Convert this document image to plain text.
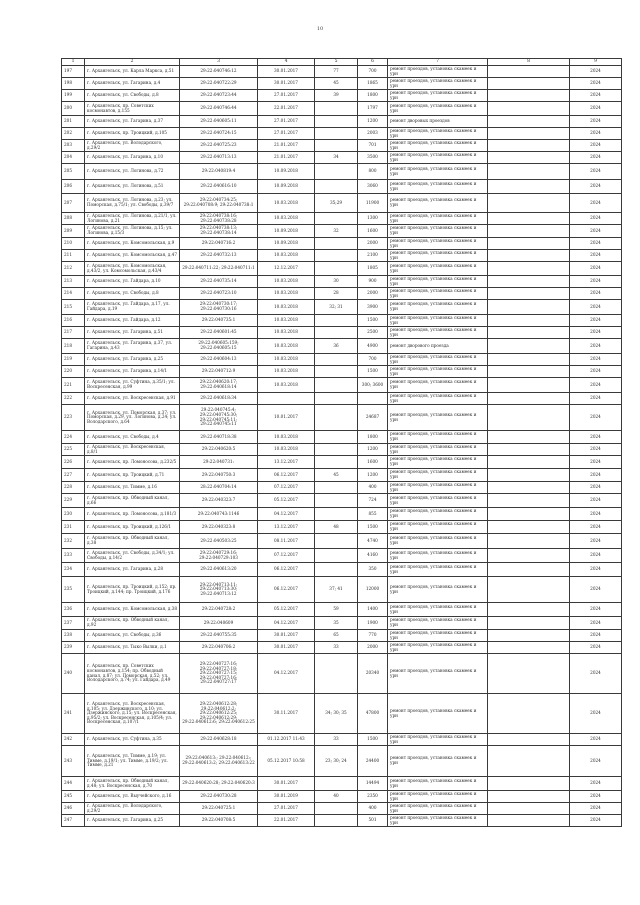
10
1	2	3	4	5	6	7	8	9
197	г. Архангельск, ул. Карла Маркса, д.51	29:22:040746:12	30.01.2017	77	700	ремонт проездов, установка скамеек и урн		2024
198	г. Архангельск, ул. Гагарина, д.4	29:22:040722:29	30.01.2017	45	1865	ремонт проездов, установка скамеек и урн		2024
199	г. Архангельск, ул. Свободы, д.8	29:22:040723:44	27.01.2017	39	1800	ремонт проездов, установка скамеек и урн		2024
200	г. Архангельск, пр. Советских космонавтов, д.155	29:22:040746:44	22.01.2017		1797	ремонт проездов, установка скамеек и урн		2024
201	г. Архангельск, ул. Гагарина, д.37	29:22:040605:11	27.01.2017		1200	ремонт дворовых проездов		2024
202	г. Архангельск, пр. Троицкий, д.105	29:22:040724:15	27.01.2017		2003	ремонт проездов, установка скамеек и урн		2024
203	г. Архангельск, ул. Володарского, д.29/2	29:22:040725:23	21.01.2017		701	ремонт проездов, установка скамеек и урн		2024
204	г. Архангельск, ул. Гагарина, д.10	29:22:040713:13	21.01.2017	34	3500	ремонт проездов, установка скамеек и урн		2024
205	г. Архангельск, ул. Логинова, д.72	29:22:040819:4	10.09.2018		800	ремонт проездов, установка скамеек и урн		2024
206	г. Архангельск, ул. Логинова, д.51	29:22:040616:10	10.09.2018		3060	ремонт проездов, установка скамеек и урн		2024
207	г. Архангельск, ул. Логинова, д.23; ул. Поморская, д.75/1; ул. Свободы, д.39/7	29:22:040734:25; 29:22:040708:9; 29:22:040738:1	10.03.2018	35;29	11900	ремонт проездов, установка скамеек и урн		2024
208	г. Архангельск, ул. Логинова, д.21/1, ул. Логинова, д.21	29:22:040738:16; 29:22:040738:28	10.03.2018		1300	ремонт проездов, установка скамеек и урн		2024
209	г. Архангельск, ул. Логинова, д.15; ул. Логинова, д.15/3	29:22:040738:13; 29:22:040738:14	10.09.2018	32	1600	ремонт проездов, установка скамеек и урн		2024
210	г. Архангельск, ул. Комсомольская, д.9	29:22:040716:2	10.09.2018		2000	ремонт проездов, установка скамеек и урн		2024
211	г. Архангельск, ул. Комсомольская, д.47	29:22:040732:13	10.03.2018		2100	ремонт проездов, установка скамеек и урн		2024
212	г. Архангельск, ул. Комсомольская, д.43/2, ул. Комсомольская, д.43/4	29:22:040711:22; 29:22:040711:1	12.12.2017		1805	ремонт проездов, установка скамеек и урн		2024
213	г. Архангельск, ул. Гайдара, д.10	29:22:040735:14	10.03.2018	30	900	ремонт проездов, установка скамеек и урн		2024
214	г. Архангельск, ул. Свободы, д.8	29:22:040723:10	10.03.2018	28	2000	ремонт проездов, установка скамеек и урн		2024
215	г. Архангельск, ул. Гайдара, д.17, ул. Гайдара, д.19	29:22:040730:17; 29:22:040730:16	10.03.2018	32; 31	3900	ремонт проездов, установка скамеек и урн		2024
216	г. Архангельск, ул. Гайдара, д.12	29:22:040735:1	10.03.2018		1500	ремонт проездов, установка скамеек и урн		2024
217	г. Архангельск, ул. Гагарина, д.51	29:22:040601:45	10.03.2018		2500	ремонт проездов, установка скамеек и урн		2024
218	г. Архангельск, ул. Гагарина, д.37, ул. Гагарина, д.43	29:22:040605:159; 29:22:040605:15	10.03.2018	36	4900	ремонт дворового проезда		2024
219	г. Архангельск, ул. Гагарина, д.25	29:22:040604:13	10.03.2018		700	ремонт проездов, установка скамеек и урн		2024
220	г. Архангельск, ул. Гагарина, д.14/1	29:22:040712:9	10.03.2018		1500	ремонт проездов, установка скамеек и урн		2024
221	г. Архангельск, ул. Суфтина, д.35/1; ул. Воскресенская, д.99	29:22:040620:17; 29:22:040618:14	10.03.2018		300; 3600	ремонт проездов, установка скамеек и урн		2024
222	г. Архангельск, ул. Воскресенская, д.91	29:22:040618:34				ремонт проездов, установка скамеек и урн		2024
223	г. Архангельск, ул. Поморская, д.37; ул. Поморская, д.29, ул. Логинова, д.24; ул. Володарского, д.64	29:22:040745:4; 29:22:040745:30; 29:22:040745:11; 29:22:040745:11	10.01.2017		24687	ремонт проездов, установка скамеек и урн		2024
224	г. Архангельск, ул. Свободы, д.4	29:22:040718:38	10.03.2018		1800	ремонт проездов, установка скамеек и урн		2024
225	г. Архангельск, ул. Воскресенская, д.8/1	29:22:040620:5	10.03.2018		1200	ремонт проездов, установка скамеек и урн		2024
226	г. Архангельск, пр. Ломоносова, д.232/5	29:22:040731:	13.12.2017		1600	ремонт проездов, установка скамеек и урн		2024
227	г. Архангельск, пр. Троицкий, д.71	29:22:040750:3	06.12.2017	45	1200	ремонт проездов, установка скамеек и урн		2024
228	г. Архангельск, ул. Тимме, д.16	28:22:040704:14	07.12.2017		400	ремонт проездов, установка скамеек и урн		2024
229	г. Архангельск, пр. Обводный канал, д.66	29:22:040323:7	05.12.2017		724	ремонт проездов, установка скамеек и урн		2024
230	г. Архангельск, пр. Ломоносова, д.181/3	29:22:040743:1146	04.12.2017		855	ремонт проездов, установка скамеек и урн		2024
231	г. Архангельск, пр. Троицкий, д.126/1	29:22:040323:8	13.12.2017	48	1500	ремонт проездов, установка скамеек и урн		2024
232	г. Архангельск, пр. Обводный канал, д.38	29:22:040503:25	08.11.2017		4740	ремонт проездов, установка скамеек и урн		2024
233	г. Архангельск, ул. Свободы, д.34/1; ул. Свободы, д.14/2	29:22:040729:16; 29:22:040729:103	07.12.2017		4160	ремонт проездов, установка скамеек и урн		2024
234	г. Архангельск, ул. Гагарина, д.28	29:22:040613:20	06.12.2017		350	ремонт проездов, установка скамеек и урн		2024
235	г. Архангельск, пр. Троицкий, д.152; пр. Троицкий, д.144; пр. Троицкий, д.176	29:22:040713:11; 29:22:040713:30; 29:22:040713:12	06.12.2017	37; 41	12000	ремонт проездов, установка скамеек и урн		2024
236	г. Архангельск, ул. Комсомольская, д.38	29:22:040728:2	05.12.2017	59	1400	ремонт проездов, установка скамеек и урн		2024
237	г. Архангельск, пр. Обводный канал, д.92	29:22:040609	04.12.2017	35	1900	ремонт проездов, установка скамеек и урн		2024
238	г. Архангельск, ул. Свободы, д.36	29:22:040755:35	30.01.2017	65	770	ремонт проездов, установка скамеек и урн		2024
239	г. Архангельск, ул. Тыко Вылки, д.1	29:22:040706:2	30.01.2017	33	2000	ремонт проездов, установка скамеек и урн		2024
240	г. Архангельск, пр. Советских космонавтов, д.154; пр. Обводный канал, д.87; ул. Поморская, д.52; ул. Володарского, д.74; ул. Гайдара, д.49	29:22:040727:16; 29:22:040727:18; 29:22:040727:15; 29:22:040727:16; 29:22:040727:17	04.12.2017		20340	ремонт проездов, установка скамеек и урн		2024
241	г. Архангельск, ул. Воскресенская, д.105; ул. Дзержинского, д.10; ул. Дзержинского, д.15; ул. Воскресенская, д.95/2; ул. Воскресенская, д.105/4; ул. Воскресенская, д.107/1	29:22:040612:28; 29:22:040612:2; 29:22:040612:25; 29:22:040612:29; 29:22:040612:6; 29:22:040612:25	30.11.2017	34; 30; 35	47800	ремонт проездов, установка скамеек и урн		2024
242	г. Архангельск, ул. Суфтина, д.35	29:22:040628:18	01.12.2017 11:43	33	1500	ремонт проездов, установка скамеек и урн		2024
243	г. Архангельск, ул. Тимме, д.19; ул. Тимме, д.19/1; ул. Тимме, д.19/2; ул. Тимме, д.21	29:22:040613:; 29:22:040612:; 29:22:040613:2; 29:22:040613:22	05.12.2017 10:58	23; 30; 24	24400	ремонт проездов, установка скамеек и урн		2024
244	г. Архангельск, пр. Обводный канал, д.48; ул. Воскресенская, д.70	29:22:040620:28; 29:22:040620:3	30.01.2017		14494	ремонт проездов, установка скамеек и урн		2024
245	г. Архангельск, ул. Выучейского, д.16	29:22:040730:28	30.01.2019	40	2350	ремонт проездов, установка скамеек и урн		2024
246	г. Архангельск, ул. Володарского, д.29/2	29:22:040725:1	27.01.2017		400	ремонт проездов, установка скамеек и урн		2024
247	г. Архангельск, ул. Гагарина, д.25	29:22:040708:5	22.01.2017		501	ремонт проездов, установка скамеек и урн		2024
